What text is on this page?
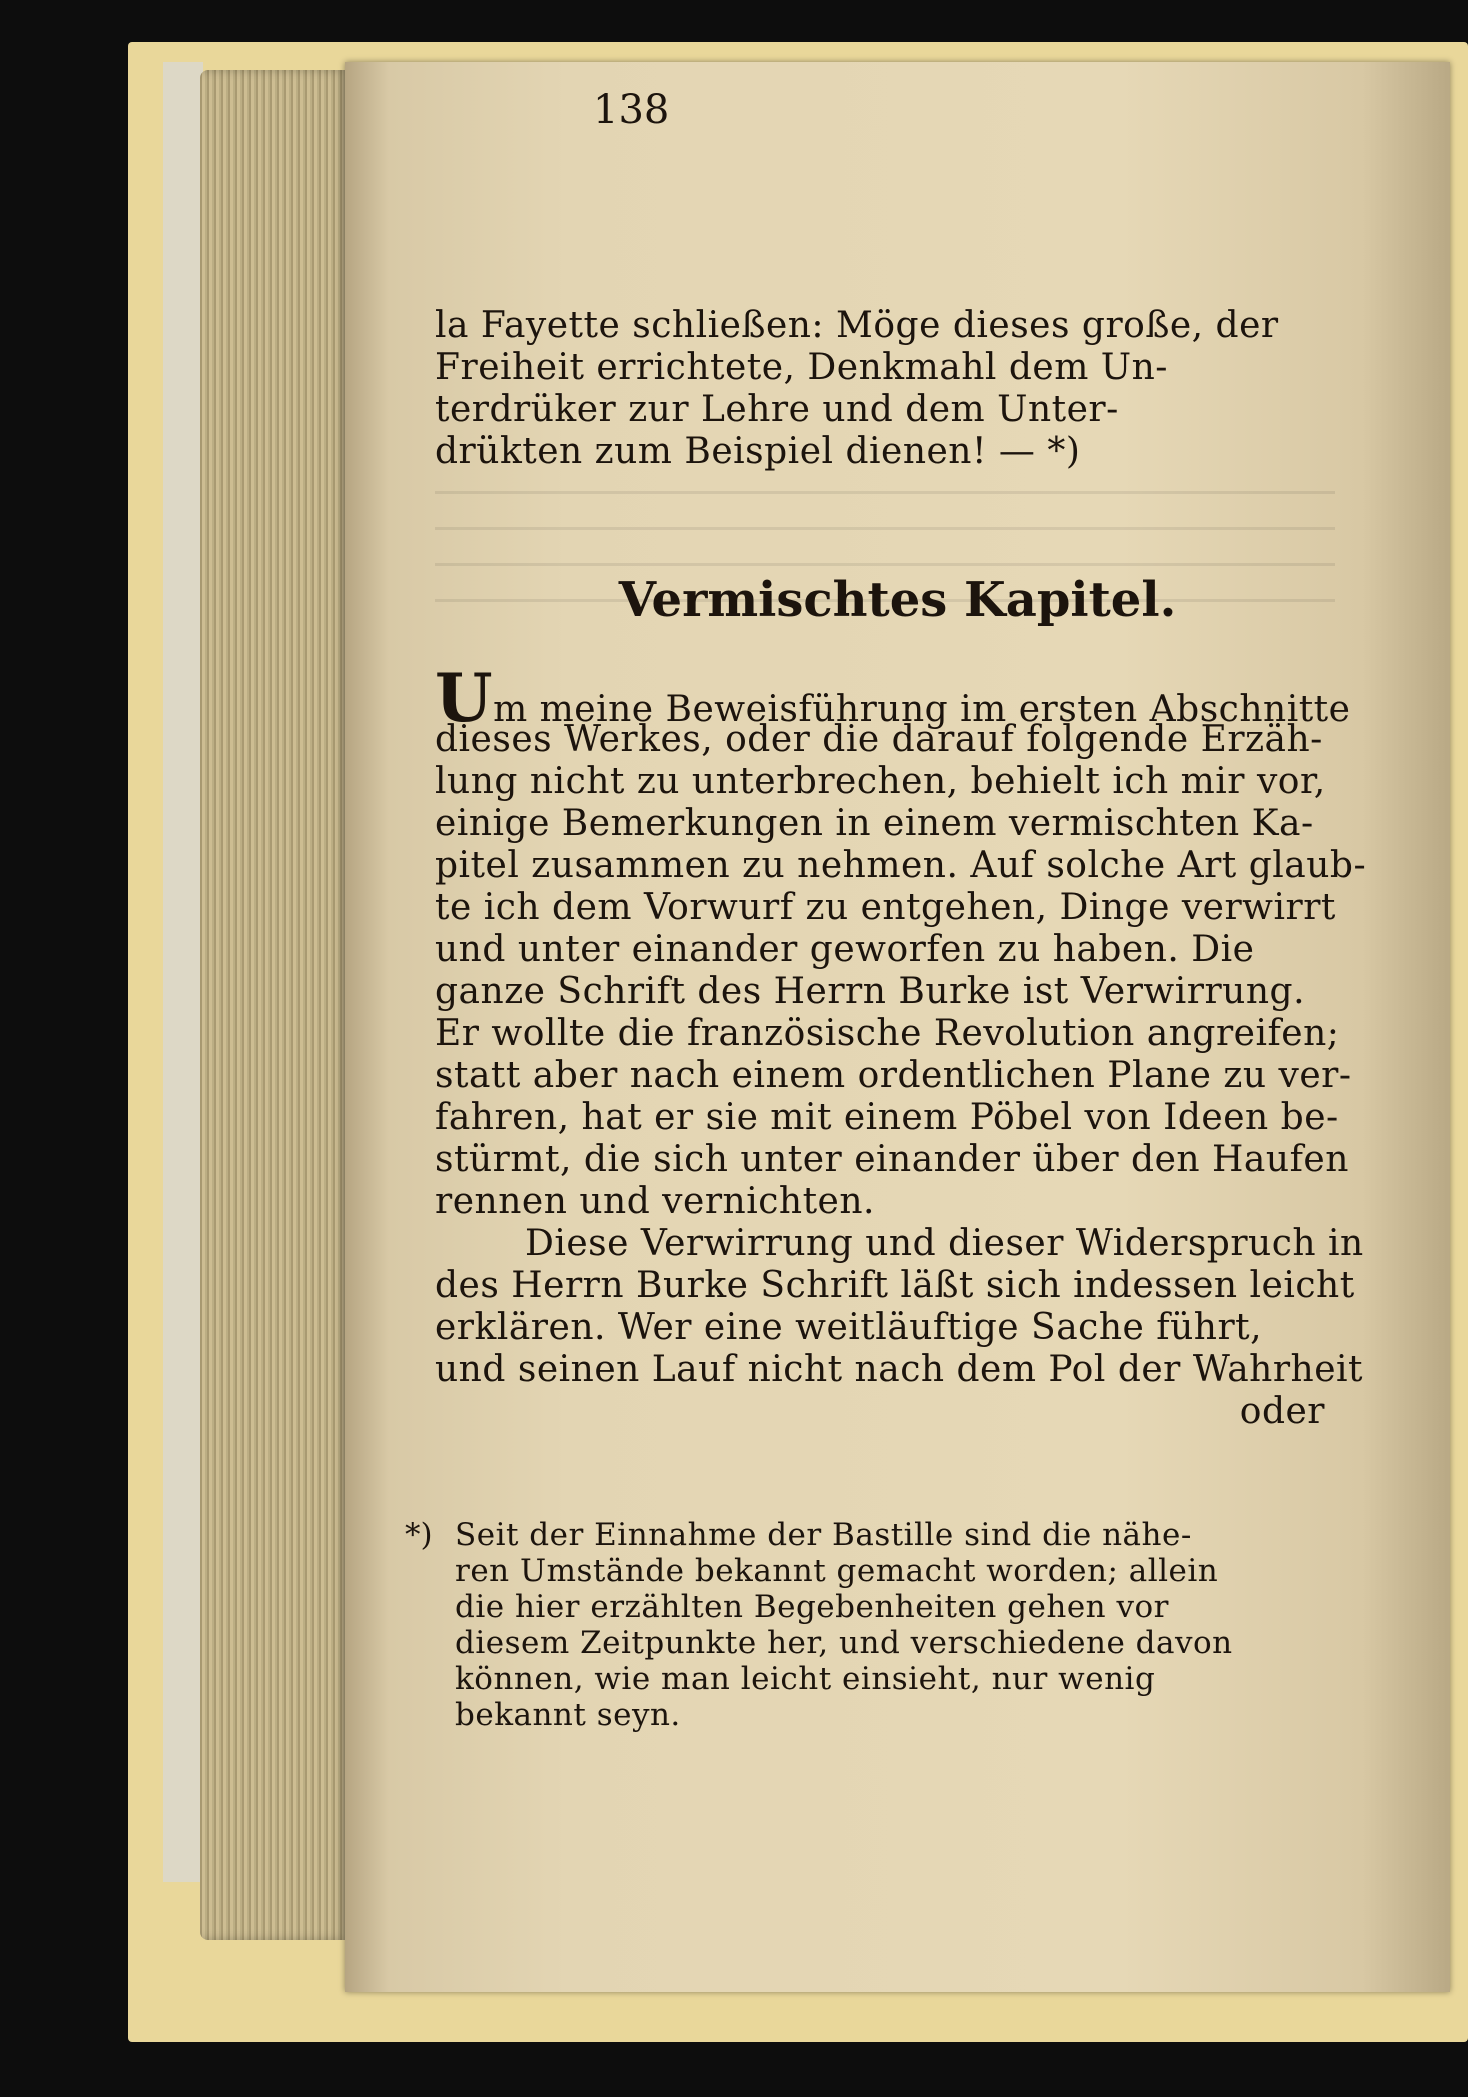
138
la Fayette schließen: Möge dieses große, der
Freiheit errichtete, Denkmahl dem Un-
terdrüker zur Lehre und dem Unter-
drükten zum Beispiel dienen! — *)
Vermischtes Kapitel.
Um meine Beweisführung im ersten Abschnitte
dieses Werkes, oder die darauf folgende Erzäh-
lung nicht zu unterbrechen, behielt ich mir vor,
einige Bemerkungen in einem vermischten Ka-
pitel zusammen zu nehmen. Auf solche Art glaub-
te ich dem Vorwurf zu entgehen, Dinge verwirrt
und unter einander geworfen zu haben. Die
ganze Schrift des Herrn Burke ist Verwirrung.
Er wollte die französische Revolution angreifen;
statt aber nach einem ordentlichen Plane zu ver-
fahren, hat er sie mit einem Pöbel von Ideen be-
stürmt, die sich unter einander über den Haufen
rennen und vernichten.
Diese Verwirrung und dieser Widerspruch in
des Herrn Burke Schrift läßt sich indessen leicht
erklären. Wer eine weitläuftige Sache führt,
und seinen Lauf nicht nach dem Pol der Wahrheit
oder
*) Seit der Einnahme der Bastille sind die nähe-
ren Umstände bekannt gemacht worden; allein
die hier erzählten Begebenheiten gehen vor
diesem Zeitpunkte her, und verschiedene davon
können, wie man leicht einsieht, nur wenig
bekannt seyn.
